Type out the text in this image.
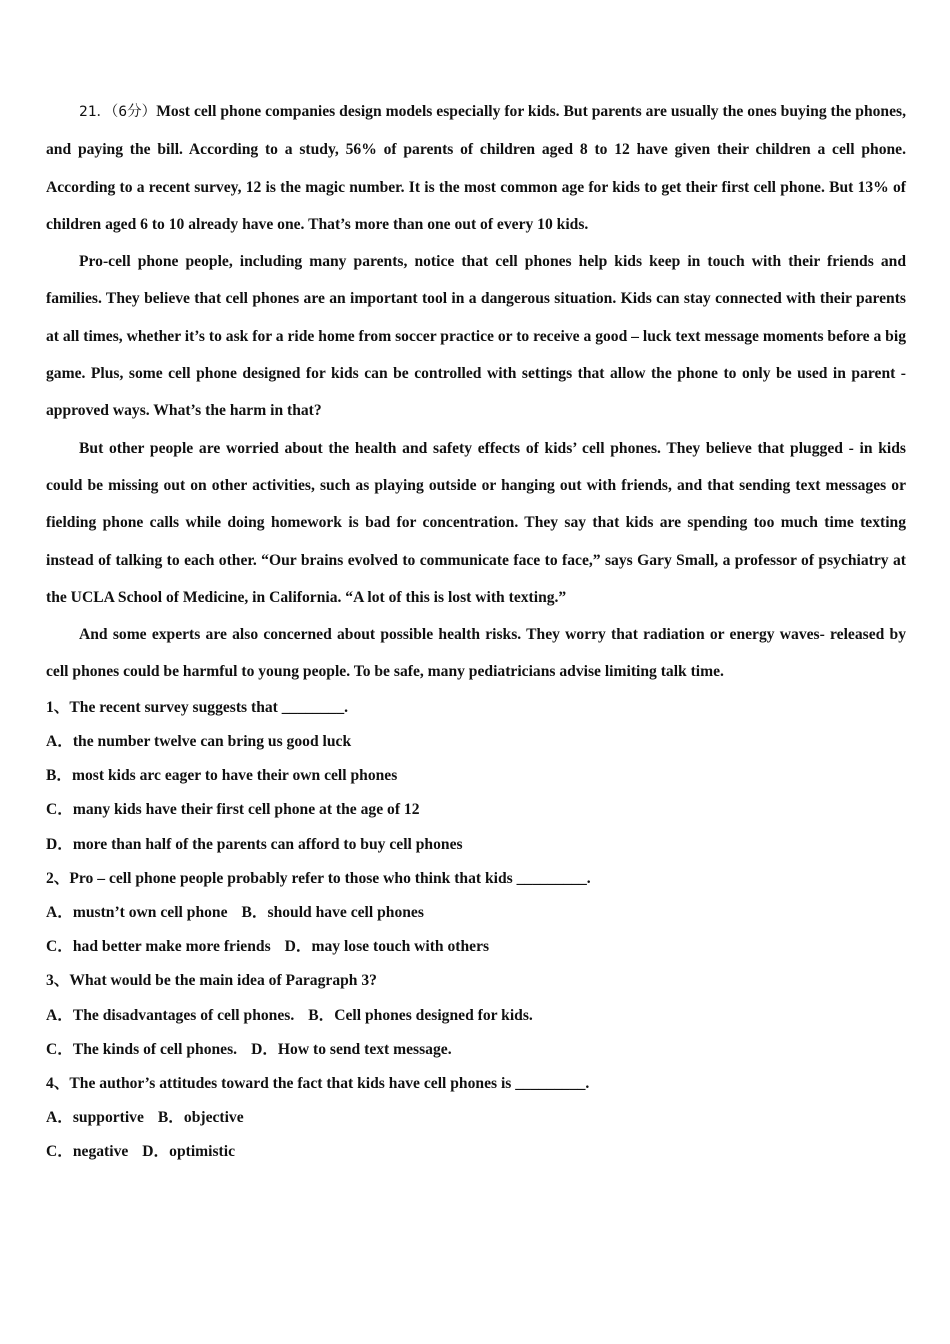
21．（6分）Most cell phone companies design models especially for kids. But parents are usually the ones buying the phones, and paying the bill. According to a study, 56% of parents of children aged 8 to 12 have given their children a cell phone. According to a recent survey, 12 is the magic number. It is the most common age for kids to get their first cell phone. But 13% of children aged 6 to 10 already have one. That’s more than one out of every 10 kids.

Pro-cell phone people, including many parents, notice that cell phones help kids keep in touch with their friends and families. They believe that cell phones are an important tool in a dangerous situation. Kids can stay connected with their parents at all times, whether it’s to ask for a ride home from soccer practice or to receive a good – luck text message moments before a big game. Plus, some cell phone designed for kids can be controlled with settings that allow the phone to only be used in parent - approved ways. What’s the harm in that?

But other people are worried about the health and safety effects of kids’ cell phones. They believe that plugged - in kids could be missing out on other activities, such as playing outside or hanging out with friends, and that sending text messages or fielding phone calls while doing homework is bad for concentration. They say that kids are spending too much time texting instead of talking to each other. “Our brains evolved to communicate face to face,” says Gary Small, a professor of psychiatry at the UCLA School of Medicine, in California. “A lot of this is lost with texting.”

And some experts are also concerned about possible health risks. They worry that radiation or energy waves- released by cell phones could be harmful to young people. To be safe, many pediatricians advise limiting talk time.

1、The recent survey suggests that ________.

A．the number twelve can bring us good luck

B．most kids arc eager to have their own cell phones

C．many kids have their first cell phone at the age of 12

D．more than half of the parents can afford to buy cell phones

2、Pro – cell phone people probably refer to those who think that kids _________.

A．mustn’t own cell phone B．should have cell phones

C．had better make more friends D．may lose touch with others

3、What would be the main idea of Paragraph 3?

A．The disadvantages of cell phones. B．Cell phones designed for kids.

C．The kinds of cell phones. D．How to send text message.

4、The author’s attitudes toward the fact that kids have cell phones is _________.

A．supportive B．objective

C．negative D．optimistic
